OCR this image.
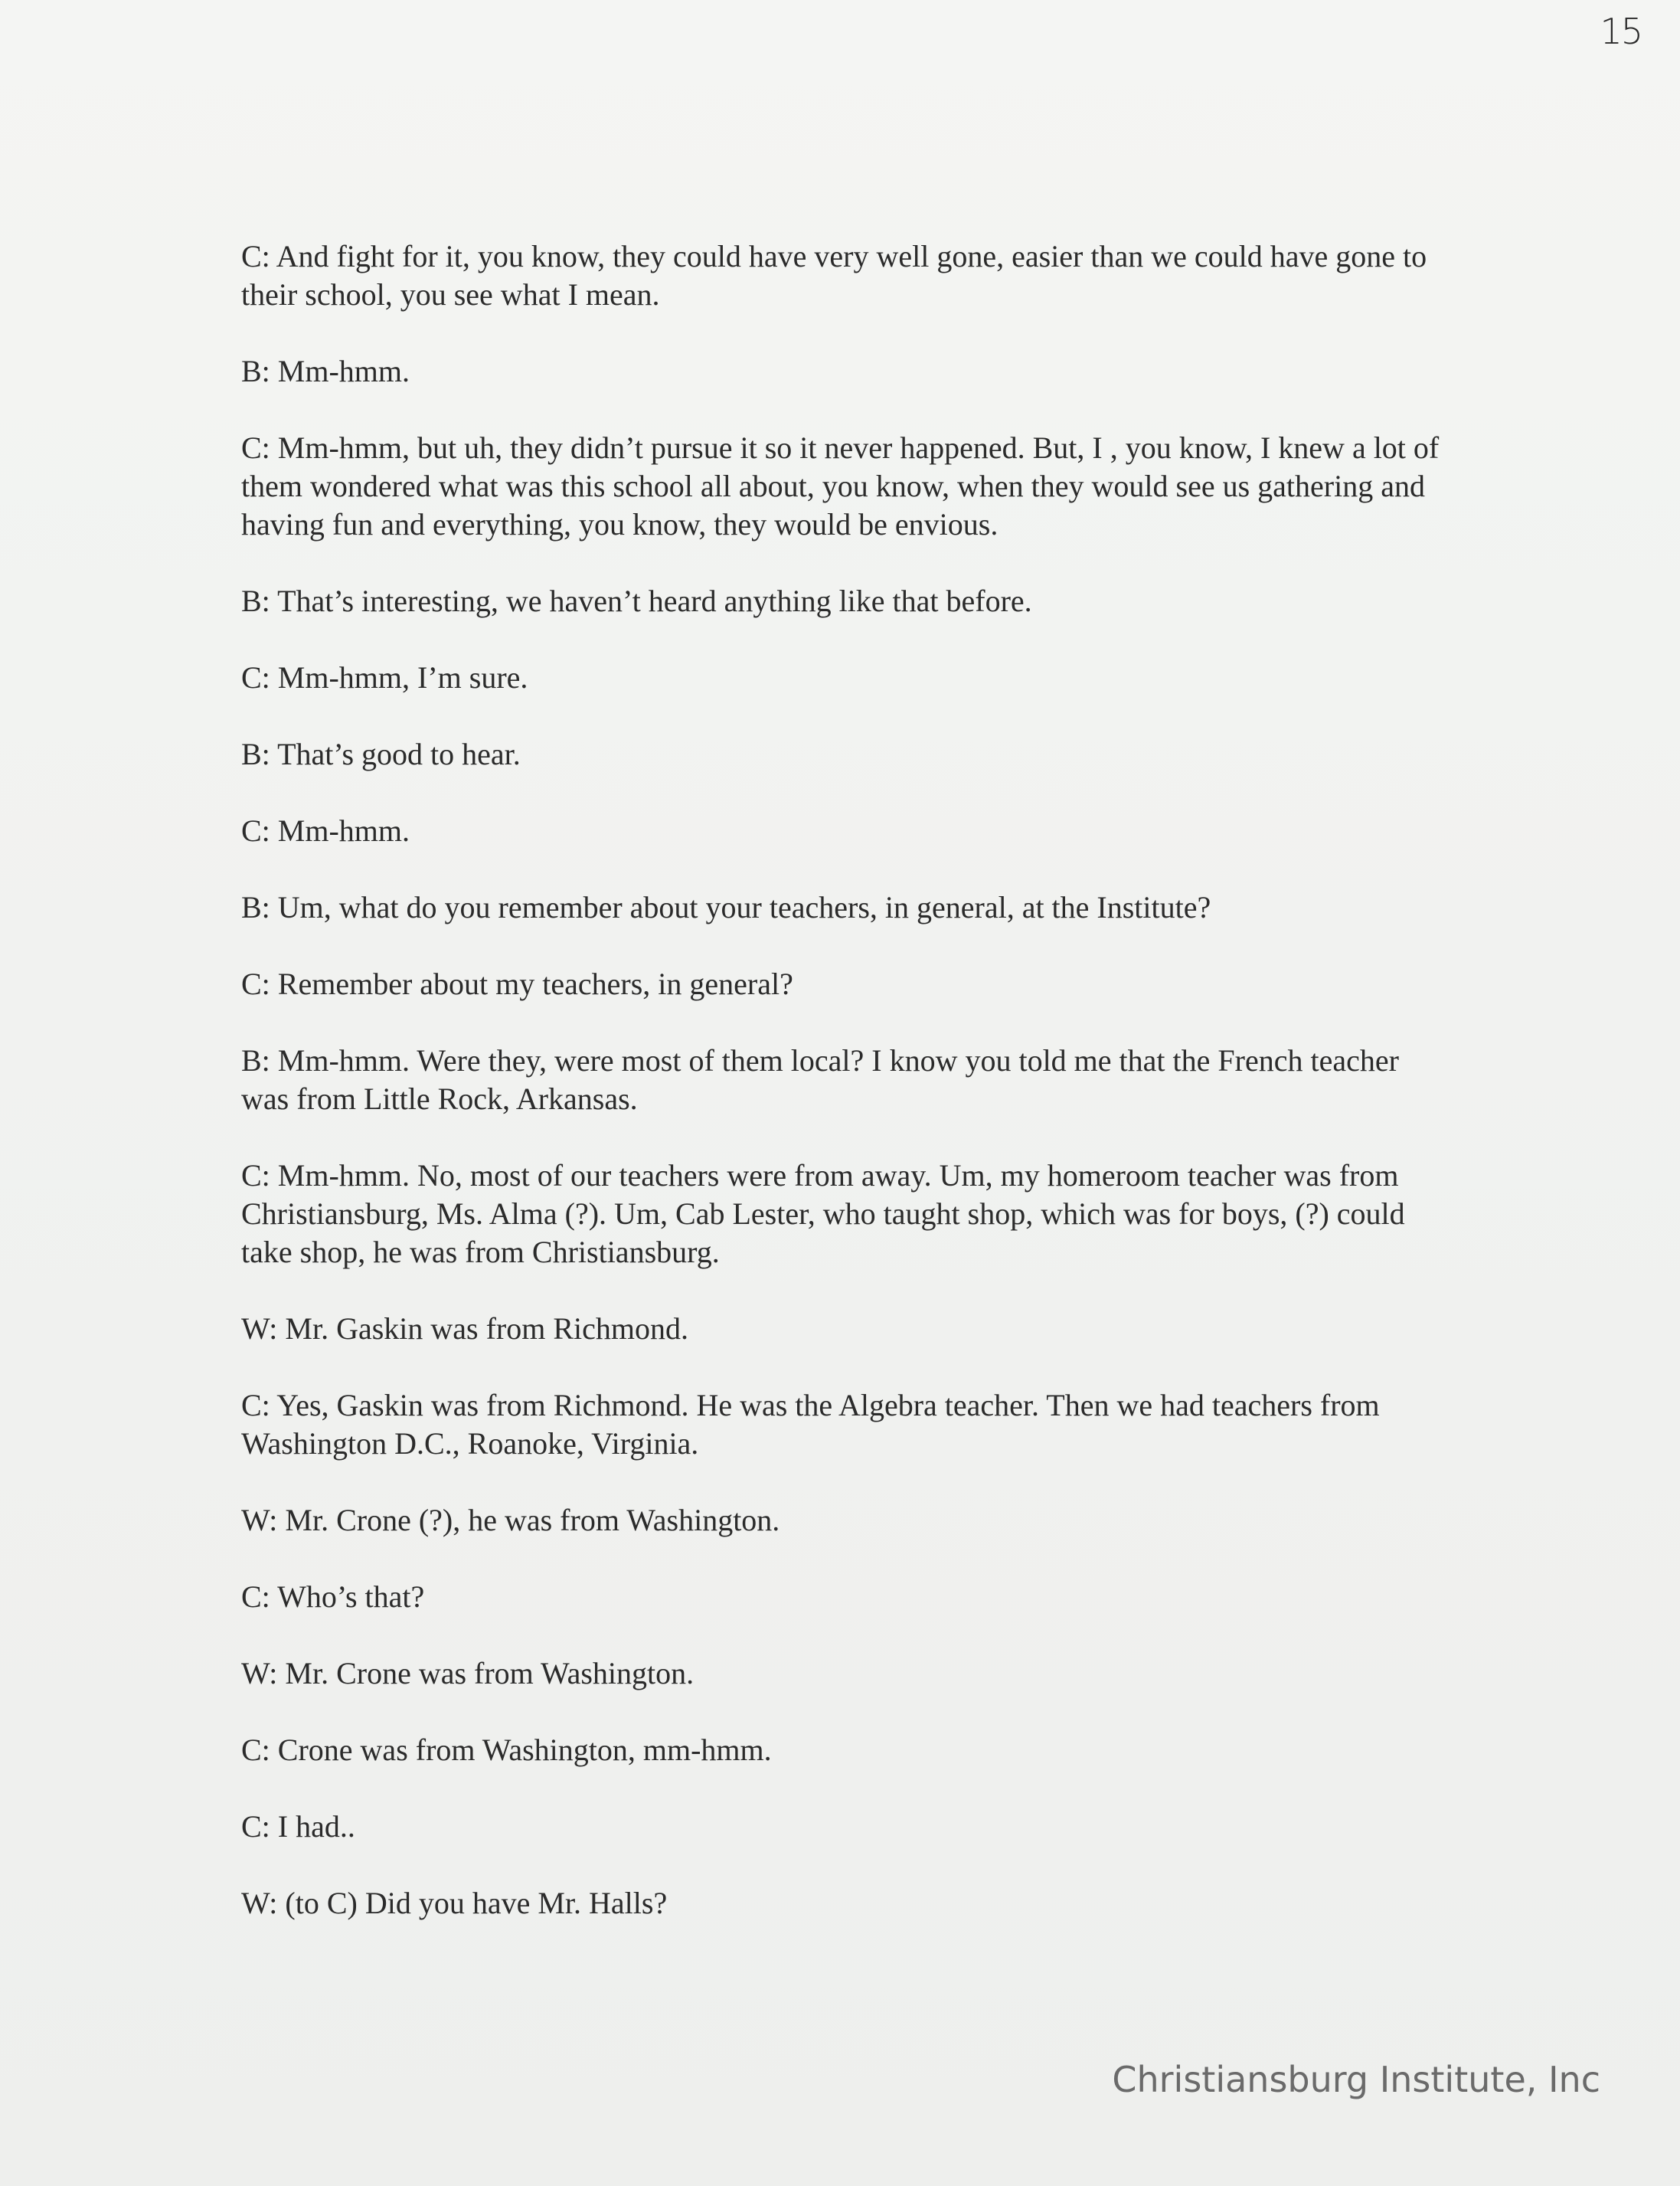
15

C: And fight for it, you know, they could have very well gone, easier than we could have gone to their school, you see what I mean.

B: Mm-hmm.

C: Mm-hmm, but uh, they didn’t pursue it so it never happened. But, I , you know, I knew a lot of them wondered what was this school all about, you know, when they would see us gathering and having fun and everything, you know, they would be envious.

B: That’s interesting, we haven’t heard anything like that before.

C: Mm-hmm, I’m sure.

B: That’s good to hear.

C: Mm-hmm.

B: Um, what do you remember about your teachers, in general, at the Institute?

C: Remember about my teachers, in general?

B: Mm-hmm. Were they, were most of them local? I know you told me that the French teacher was from Little Rock, Arkansas.

C: Mm-hmm. No, most of our teachers were from away. Um, my homeroom teacher was from Christiansburg, Ms. Alma (?). Um, Cab Lester, who taught shop, which was for boys, (?) could take shop, he was from Christiansburg.

W: Mr. Gaskin was from Richmond.

C: Yes, Gaskin was from Richmond. He was the Algebra teacher. Then we had teachers from Washington D.C., Roanoke, Virginia.

W: Mr. Crone (?), he was from Washington.

C: Who’s that?

W: Mr. Crone was from Washington.

C: Crone was from Washington, mm-hmm.

C: I had..

W: (to C) Did you have Mr. Halls?

Christiansburg Institute, Inc
